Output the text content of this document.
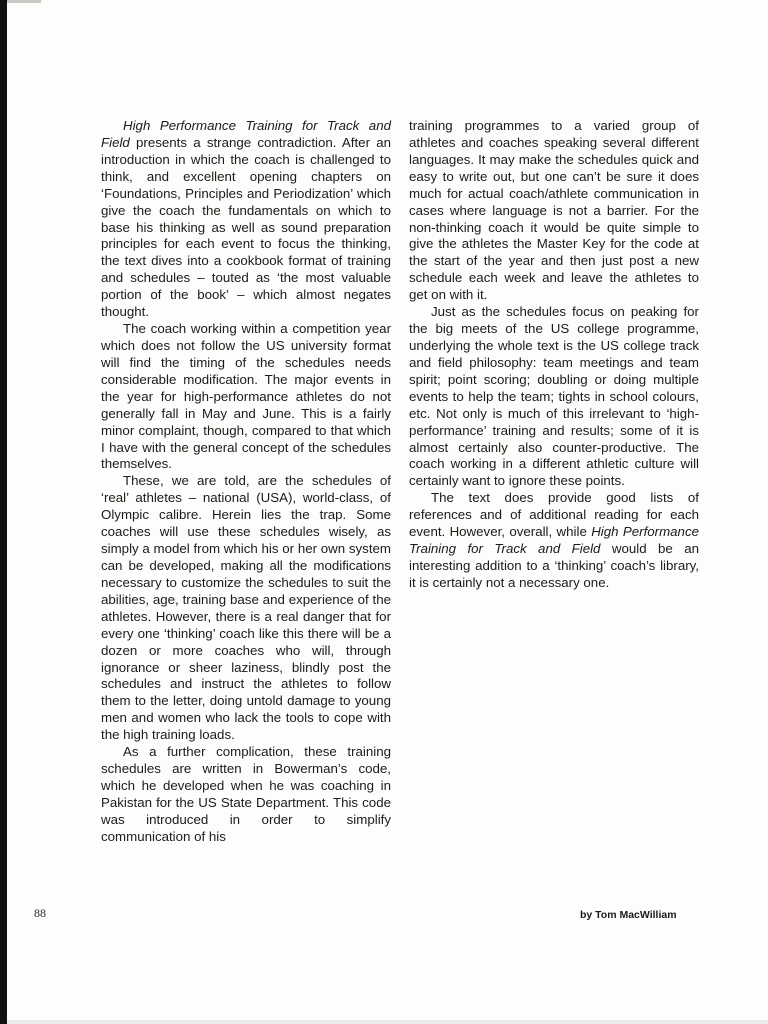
High Performance Training for Track and Field presents a strange contradiction. After an introduction in which the coach is challenged to think, and excellent opening chapters on ‘Foundations, Principles and Periodization’ which give the coach the fundamentals on which to base his thinking as well as sound preparation principles for each event to focus the thinking, the text dives into a cookbook format of training and schedules – touted as ‘the most valuable portion of the book’ – which almost negates thought.

The coach working within a competition year which does not follow the US university format will find the timing of the schedules needs considerable modification. The major events in the year for high-performance athletes do not generally fall in May and June. This is a fairly minor complaint, though, compared to that which I have with the general concept of the schedules themselves.

These, we are told, are the schedules of ‘real’ athletes – national (USA), world-class, of Olympic calibre. Herein lies the trap. Some coaches will use these schedules wisely, as simply a model from which his or her own system can be developed, making all the modifications necessary to customize the schedules to suit the abilities, age, training base and experience of the athletes. However, there is a real danger that for every one ‘thinking’ coach like this there will be a dozen or more coaches who will, through ignorance or sheer laziness, blindly post the schedules and instruct the athletes to follow them to the letter, doing untold damage to young men and women who lack the tools to cope with the high training loads.

As a further complication, these training schedules are written in Bowerman’s code, which he developed when he was coaching in Pakistan for the US State Department. This code was introduced in order to simplify communication of his

training programmes to a varied group of athletes and coaches speaking several different languages. It may make the schedules quick and easy to write out, but one can’t be sure it does much for actual coach/athlete communication in cases where language is not a barrier. For the non-thinking coach it would be quite simple to give the athletes the Master Key for the code at the start of the year and then just post a new schedule each week and leave the athletes to get on with it.

Just as the schedules focus on peaking for the big meets of the US college programme, underlying the whole text is the US college track and field philosophy: team meetings and team spirit; point scoring; doubling or doing multiple events to help the team; tights in school colours, etc. Not only is much of this irrelevant to ‘high-performance’ training and results; some of it is almost certainly also counter-productive. The coach working in a different athletic culture will certainly want to ignore these points.

The text does provide good lists of references and of additional reading for each event. However, overall, while High Performance Training for Track and Field would be an interesting addition to a ‘thinking’ coach’s library, it is certainly not a necessary one.

88	by Tom MacWilliam
